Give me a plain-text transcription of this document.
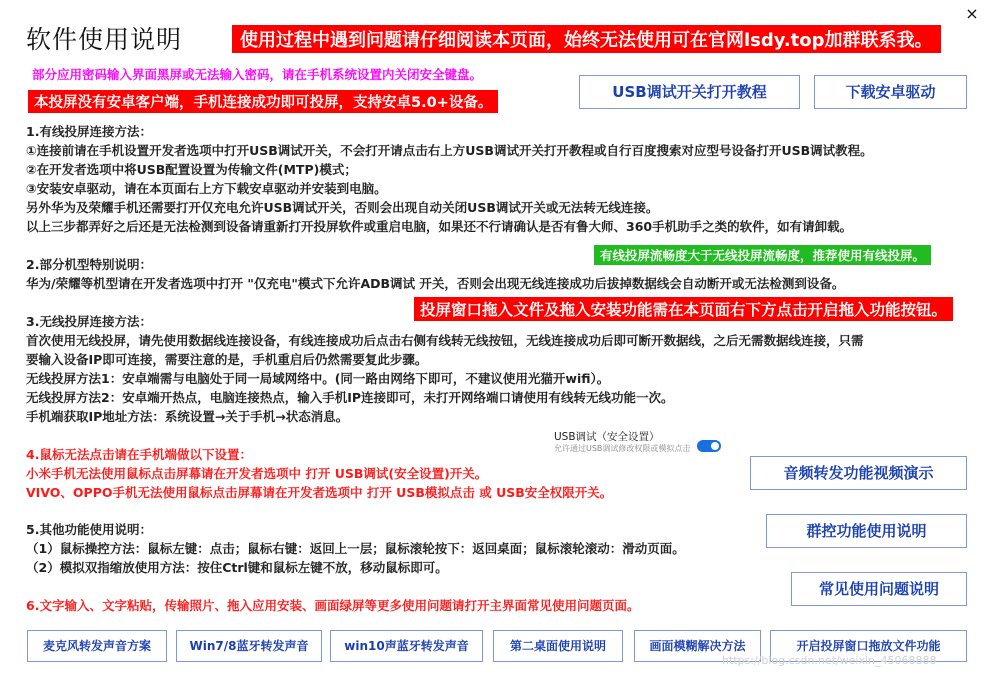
软件使用说明
×
使用过程中遇到问题请仔细阅读本页面，始终无法使用可在官网lsdy.top加群联系我。
部分应用密码输入界面黑屏或无法输入密码，请在手机系统设置内关闭安全键盘。
本投屏没有安卓客户端，手机连接成功即可投屏，支持安卓5.0+设备。
USB调试开关打开教程	下载安卓驱动
1.有线投屏连接方法：
①连接前请在手机设置开发者选项中打开USB调试开关，不会打开请点击右上方USB调试开关打开教程或自行百度搜索对应型号设备打开USB调试教程。
②在开发者选项中将USB配置设置为传输文件(MTP)模式；
③安装安卓驱动，请在本页面右上方下载安卓驱动并安装到电脑。
另外华为及荣耀手机还需要打开仅充电允许USB调试开关，否则会出现自动关闭USB调试开关或无法转无线连接。
以上三步都弄好之后还是无法检测到设备请重新打开投屏软件或重启电脑，如果还不行请确认是否有鲁大师、360手机助手之类的软件，如有请卸载。
有线投屏流畅度大于无线投屏流畅度，推荐使用有线投屏。
2.部分机型特别说明：
华为/荣耀等机型请在开发者选项中打开 "仅充电"模式下允许ADB调试 开关，否则会出现无线连接成功后拔掉数据线会自动断开或无法检测到设备。
投屏窗口拖入文件及拖入安装功能需在本页面右下方点击开启拖入功能按钮。
3.无线投屏连接方法：
首次使用无线投屏，请先使用数据线连接设备，有线连接成功后点击右侧有线转无线按钮，无线连接成功后即可断开数据线，之后无需数据线连接，只需
要输入设备IP即可连接，需要注意的是，手机重启后仍然需要复此步骤。
无线投屏方法1：安卓端需与电脑处于同一局域网络中。(同一路由网络下即可，不建议使用光猫开wifi）。
无线投屏方法2：安卓端开热点，电脑连接热点，输入手机IP连接即可，未打开网络端口请使用有线转无线功能一次。
手机端获取IP地址方法：系统设置→关于手机→状态消息。
USB调试（安全设置）
允许通过USB调试修改权限或模拟点击
4.鼠标无法点击请在手机端做以下设置：
小米手机无法使用鼠标点击屏幕请在开发者选项中 打开 USB调试(安全设置)开关。
VIVO、OPPO手机无法使用鼠标点击屏幕请在开发者选项中 打开 USB模拟点击 或 USB安全权限开关。
5.其他功能使用说明：
（1）鼠标操控方法：鼠标左键：点击；鼠标右键：返回上一层；鼠标滚轮按下：返回桌面；鼠标滚轮滚动：滑动页面。
（2）模拟双指缩放使用方法：按住Ctrl键和鼠标左键不放，移动鼠标即可。
6.文字输入、文字粘贴，传输照片、拖入应用安装、画面绿屏等更多使用问题请打开主界面常见使用问题页面。
音频转发功能视频演示
群控功能使用说明
常见使用问题说明
麦克风转发声音方案	Win7/8蓝牙转发声音	win10声蓝牙转发声音	第二桌面使用说明	画面模糊解决方法	开启投屏窗口拖放文件功能
https://blog.csdn.net/weixin_45068888
